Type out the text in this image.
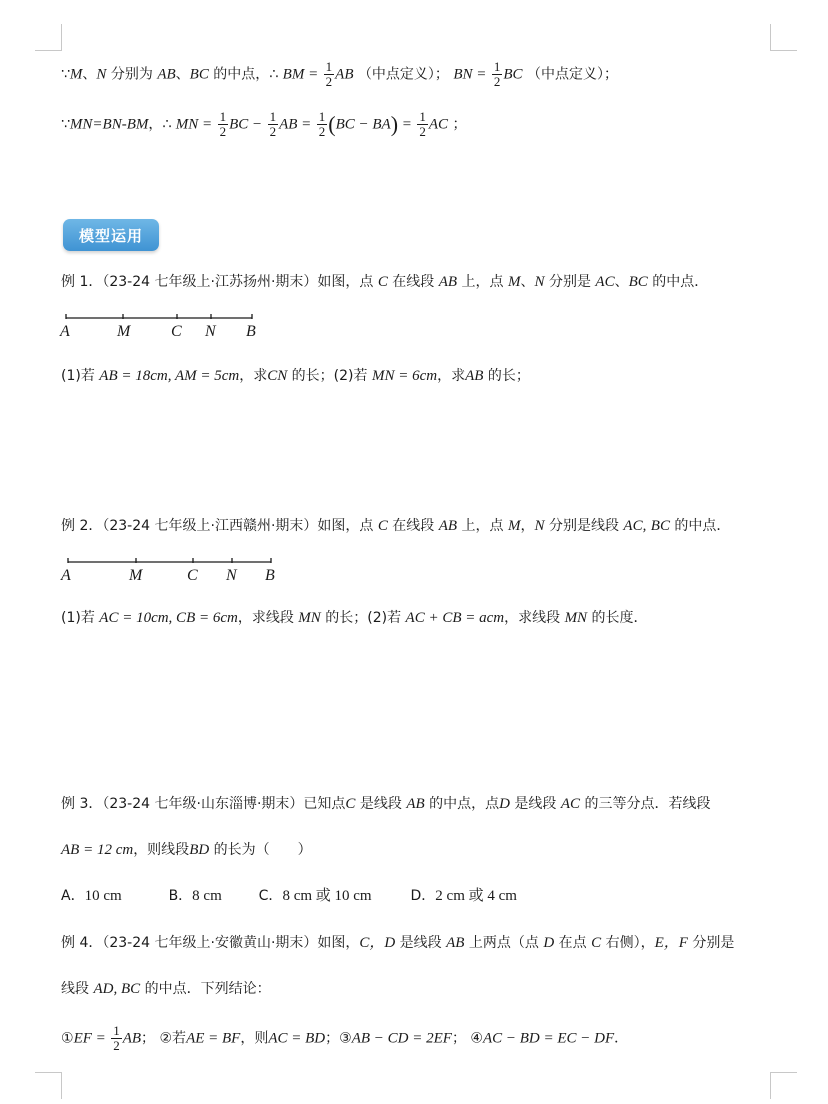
∵M、N 分别为 AB、BC 的中点，∴ BM = $\frac{1}{2}$ AB （中点定义）； BN = $\frac{1}{2}$ BC （中点定义）；
∵MN=BN-BM，∴ MN = $\frac{1}{2}$ BC − $\frac{1}{2}$ AB = $\frac{1}{2} (BC - BA) = \frac{1}{2}$ AC ；
模型运用
例 1．（23-24 七年级上·江苏扬州·期末）如图，点 C 在线段 AB 上，点 M、N 分别是 AC、BC 的中点．
A	M	C N B
(1)若 AB = 18cm, AM = 5cm，求CN 的长；(2)若 MN = 6cm，求AB 的长；
例 2．（23-24 七年级上·江西赣州·期末）如图，点 C 在线段 AB 上，点 M，N 分别是线段 AC, BC 的中点．
A	M	C N B
(1)若 AC = 10cm, CB = 6cm，求线段 MN 的长；(2)若 AC + CB = acm，求线段 MN 的长度．
例 3．（23-24 七年级·山东淄博·期末）已知点C 是线段 AB 的中点，点D 是线段 AC 的三等分点．若线段
AB = 12 cm，则线段BD 的长为（　　）
A．10 cm	B．8 cm	C．8 cm 或 10 cm	D．2 cm 或 4 cm
例 4．（23-24 七年级上·安徽黄山·期末）如图，C，D 是线段 AB 上两点（点 D 在点 C 右侧），E，F 分别是
线段 AD, BC 的中点．下列结论：
①EF = $\frac{1}{2}$ AB； ②若AE = BF，则AC = BD；③AB − CD = 2EF； ④AC − BD = EC − DF．
